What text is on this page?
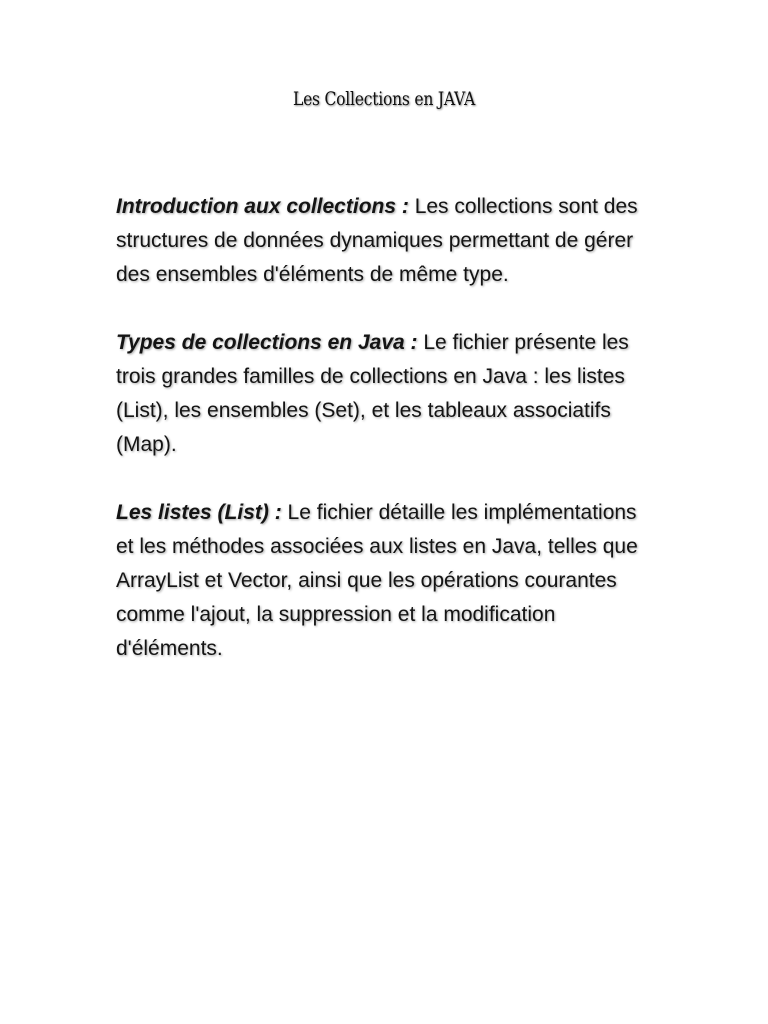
Les Collections en JAVA

Introduction aux collections : Les collections sont des structures de données dynamiques permettant de gérer des ensembles d'éléments de même type.

Types de collections en Java : Le fichier présente les trois grandes familles de collections en Java : les listes (List), les ensembles (Set), et les tableaux associatifs (Map).

Les listes (List) : Le fichier détaille les implémentations et les méthodes associées aux listes en Java, telles que ArrayList et Vector, ainsi que les opérations courantes comme l'ajout, la suppression et la modification d'éléments.
